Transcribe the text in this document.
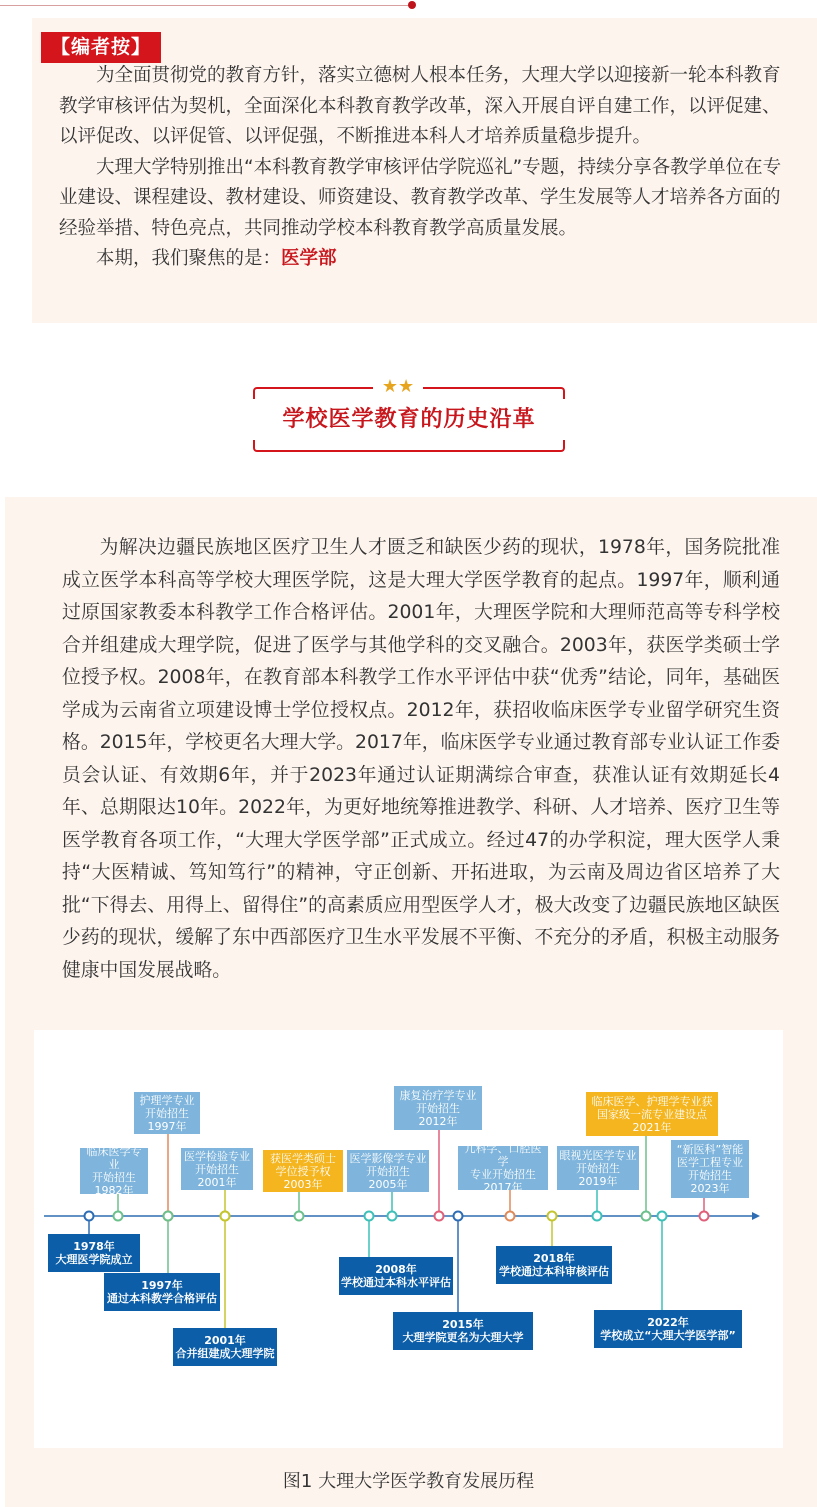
【编者按】

为全面贯彻党的教育方针，落实立德树人根本任务，大理大学以迎接新一轮本科教育教学审核评估为契机，全面深化本科教育教学改革，深入开展自评自建工作，以评促建、以评促改、以评促管、以评促强，不断推进本科人才培养质量稳步提升。

大理大学特别推出“本科教育教学审核评估学院巡礼”专题，持续分享各教学单位在专业建设、课程建设、教材建设、师资建设、教育教学改革、学生发展等人才培养各方面的经验举措、特色亮点，共同推动学校本科教育教学高质量发展。

本期，我们聚焦的是：医学部

★★
学校医学教育的历史沿革

为解决边疆民族地区医疗卫生人才匮乏和缺医少药的现状，1978年，国务院批准成立医学本科高等学校大理医学院，这是大理大学医学教育的起点。1997年，顺利通过原国家教委本科教学工作合格评估。2001年，大理医学院和大理师范高等专科学校合并组建成大理学院，促进了医学与其他学科的交叉融合。2003年，获医学类硕士学位授予权。2008年，在教育部本科教学工作水平评估中获“优秀”结论，同年，基础医学成为云南省立项建设博士学位授权点。2012年，获招收临床医学专业留学研究生资格。2015年，学校更名大理大学。2017年，临床医学专业通过教育部专业认证工作委员会认证、有效期6年，并于2023年通过认证期满综合审查，获准认证有效期延长4年、总期限达10年。2022年，为更好地统筹推进教学、科研、人才培养、医疗卫生等医学教育各项工作，“大理大学医学部”正式成立。经过47的办学积淀，理大医学人秉持“大医精诚、笃知笃行”的精神，守正创新、开拓进取，为云南及周边省区培养了大批“下得去、用得上、留得住”的高素质应用型医学人才，极大改变了边疆民族地区缺医少药的现状，缓解了东中西部医疗卫生水平发展不平衡、不充分的矛盾，积极主动服务健康中国发展战略。

临床医学专业
开始招生
1982年
护理学专业
开始招生
1997年
医学检验专业
开始招生
2001年
获医学类硕士
学位授予权
2003年
医学影像学专业
开始招生
2005年
康复治疗学专业
开始招生
2012年
儿科学、口腔医学
专业开始招生
2017年
眼视光医学专业
开始招生
2019年
临床医学、护理学专业获
国家级一流专业建设点
2021年
“新医科”智能
医学工程专业
开始招生
2023年
1978年
大理医学院成立
1997年
通过本科教学合格评估
2001年
合并组建成大理学院
2008年
学校通过本科水平评估
2015年
大理学院更名为大理大学
2018年
学校通过本科审核评估
2022年
学校成立“大理大学医学部”
图1 大理大学医学教育发展历程
